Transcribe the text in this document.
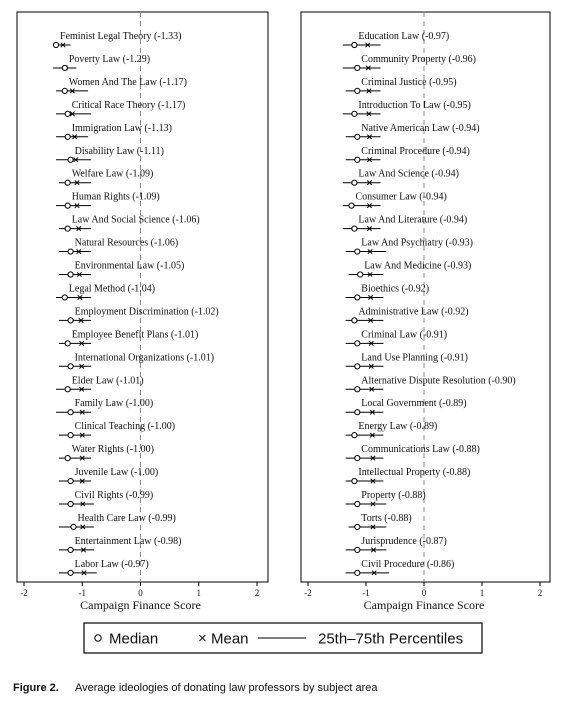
Feminist Legal Theory (-1.33)
Poverty Law (-1.29)
Women And The Law (-1.17)
Critical Race Theory (-1.17)
Immigration Law (-1.13)
Disability Law (-1.11)
Welfare Law (-1.09)
Human Rights (-1.09)
Law And Social Science (-1.06)
Natural Resources (-1.06)
Environmental Law (-1.05)
Legal Method (-1.04)
Employment Discrimination (-1.02)
Employee Benefit Plans (-1.01)
International Organizations (-1.01)
Elder Law (-1.01)
Family Law (-1.00)
Clinical Teaching (-1.00)
Water Rights (-1.00)
Juvenile Law (-1.00)
Civil Rights (-0.99)
Health Care Law (-0.99)
Entertainment Law (-0.98)
Labor Law (-0.97)
-2	-1	0	1	2
Campaign Finance Score
Education Law (-0.97)
Community Property (-0.96)
Criminal Justice (-0.95)
Introduction To Law (-0.95)
Native American Law (-0.94)
Criminal Procedure (-0.94)
Law And Science (-0.94)
Consumer Law (-0.94)
Law And Literature (-0.94)
Law And Psychiatry (-0.93)
Law And Medicine (-0.93)
Bioethics (-0.92)
Administrative Law (-0.92)
Criminal Law (-0.91)
Land Use Planning (-0.91)
Alternative Dispute Resolution (-0.90)
Local Government (-0.89)
Energy Law (-0.89)
Communications Law (-0.88)
Intellectual Property (-0.88)
Property (-0.88)
Torts (-0.88)
Jurisprudence (-0.87)
Civil Procedure (-0.86)
-2	-1	0	1	2
Campaign Finance Score
Median	× Mean	25th–75th Percentiles
Figure 2. Average ideologies of donating law professors by subject area
